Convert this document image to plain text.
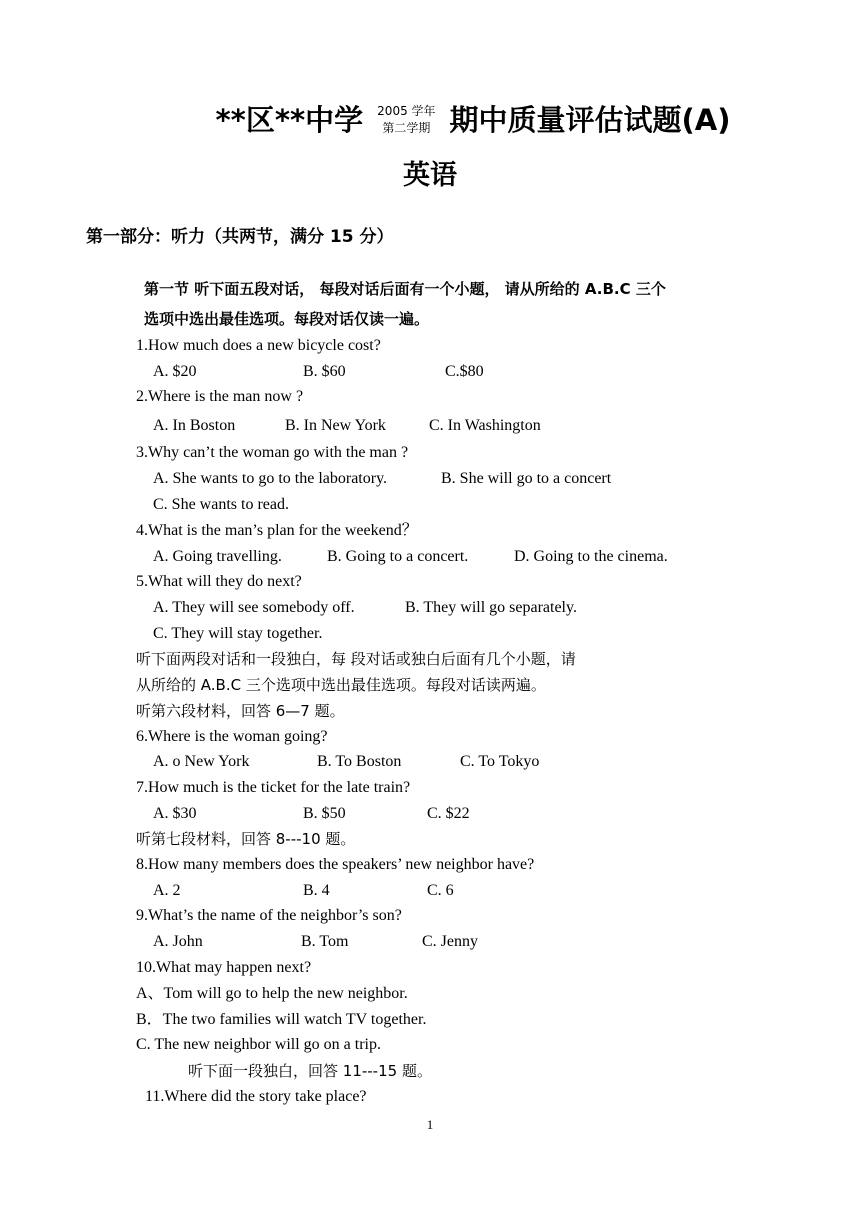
**区**中学 2005 学年
第二学期 期中质量评估试题(A)
英语
第一部分：听力（共两节，满分 15 分）
第一节 听下面五段对话， 每段对话后面有一个小题， 请从所给的 A.B.C 三个
选项中选出最佳选项。每段对话仅读一遍。
1.How much does a new bicycle cost?
A. $20	B. $60	C.$80
2.Where is the man now ?
A. In Boston	B. In New York	C. In Washington
3.Why can’t the woman go with the man ?
A. She wants to go to the laboratory.	B. She will go to a concert
C. She wants to read.
4.What is the man’s plan for the weekend？
A. Going travelling.	B. Going to a concert.	D. Going to the cinema.
5.What will they do next?
A. They will see somebody off.	B. They will go separately.
C. They will stay together.
听下面两段对话和一段独白，每 段对话或独白后面有几个小题，请
从所给的 A.B.C 三个选项中选出最佳选项。每段对话读两遍。
听第六段材料，回答 6—7 题。
6.Where is the woman going?
A. o New York	B. To Boston	C. To Tokyo
7.How much is the ticket for the late train?
A. $30	B. $50	C. $22
听第七段材料，回答 8---10 题。
8.How many members does the speakers’ new neighbor have?
A. 2	B. 4	C. 6
9.What’s the name of the neighbor’s son?
A. John	B. Tom	C. Jenny
10.What may happen next?
A、Tom will go to help the new neighbor.
B．The two families will watch TV together.
C. The new neighbor will go on a trip.
听下面一段独白，回答 11---15 题。
11.Where did the story take place?
1
